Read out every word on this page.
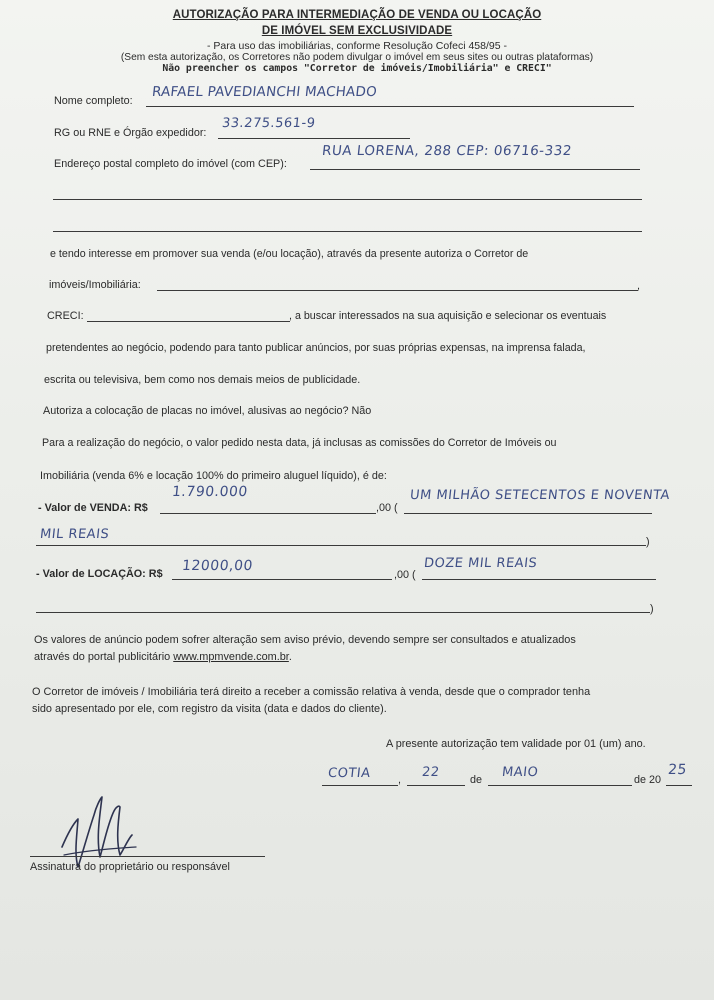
AUTORIZAÇÃO PARA INTERMEDIAÇÃO DE VENDA OU LOCAÇÃO
DE IMÓVEL SEM EXCLUSIVIDADE
- Para uso das imobiliárias, conforme Resolução Cofeci 458/95 -
(Sem esta autorização, os Corretores não podem divulgar o imóvel em seus sites ou outras plataformas)
Não preencher os campos "Corretor de imóveis/Imobiliária" e CRECI"
Nome completo:
RAFAEL PAVEDIANCHI MACHADO
RG ou RNE e Órgão expedidor:
33.275.561-9
Endereço postal completo do imóvel (com CEP):
RUA LORENA, 288 CEP: 06716-332
e tendo interesse em promover sua venda (e/ou locação), através da presente autoriza o Corretor de
imóveis/Imobiliária:	,
CRECI:	, a buscar interessados na sua aquisição e selecionar os eventuais
pretendentes ao negócio, podendo para tanto publicar anúncios, por suas próprias expensas, na imprensa falada,
escrita ou televisiva, bem como nos demais meios de publicidade.
Autoriza a colocação de placas no imóvel, alusivas ao negócio? Não
Para a realização do negócio, o valor pedido nesta data, já inclusas as comissões do Corretor de Imóveis ou
Imobiliária (venda 6% e locação 100% do primeiro aluguel líquido), é de:
- Valor de VENDA: R$
1.790.000
,00 (
UM MILHÃO SETECENTOS E NOVENTA
MIL REAIS	)
- Valor de LOCAÇÃO: R$ 12000,00
,00 (
DOZE MIL REAIS
)
Os valores de anúncio podem sofrer alteração sem aviso prévio, devendo sempre ser consultados e atualizados
através do portal publicitário www.mpmvende.com.br.
O Corretor de imóveis / Imobiliária terá direito a receber a comissão relativa à venda, desde que o comprador tenha
sido apresentado por ele, com registro da visita (data e dados do cliente).
A presente autorização tem validade por 01 (um) ano.
COTIA , 22	de MAIO	de 20
25
Assinatura do proprietário ou responsável
